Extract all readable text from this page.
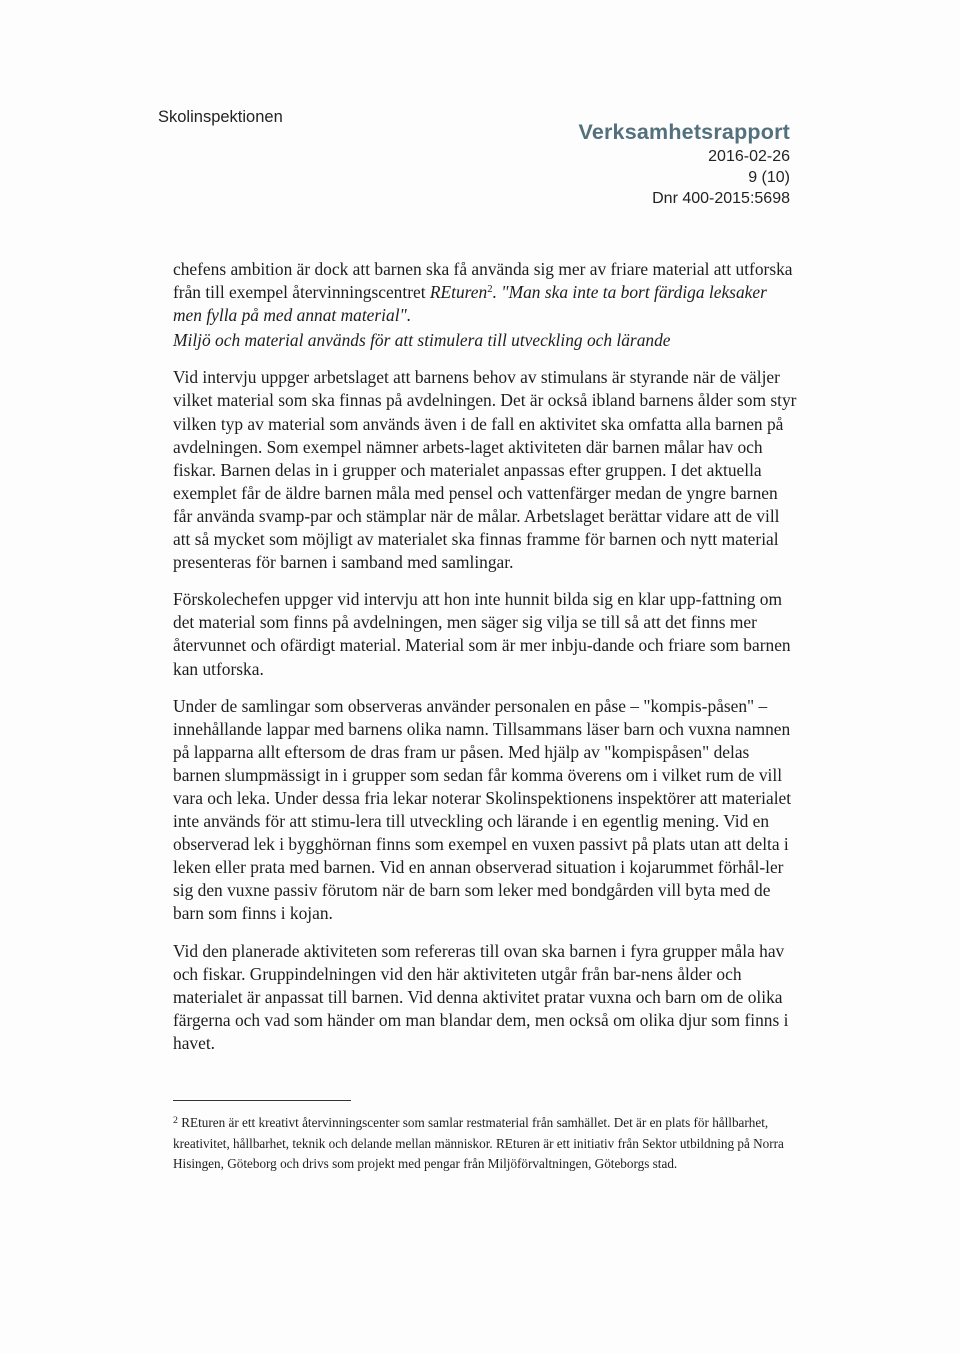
Skolinspektionen
Verksamhetsrapport
2016-02-26
9 (10)
Dnr 400-2015:5698

chefens ambition är dock att barnen ska få använda sig mer av friare material att utforska från till exempel återvinningscentret REturen$^2$. "Man ska inte ta bort färdiga leksaker men fylla på med annat material".

Miljö och material används för att stimulera till utveckling och lärande

Vid intervju uppger arbetslaget att barnens behov av stimulans är styrande när de väljer vilket material som ska finnas på avdelningen. Det är också ibland barnens ålder som styr vilken typ av material som används även i de fall en aktivitet ska omfatta alla barnen på avdelningen. Som exempel nämner arbets-laget aktiviteten där barnen målar hav och fiskar. Barnen delas in i grupper och materialet anpassas efter gruppen. I det aktuella exemplet får de äldre barnen måla med pensel och vattenfärger medan de yngre barnen får använda svamp-par och stämplar när de målar. Arbetslaget berättar vidare att de vill att så mycket som möjligt av materialet ska finnas framme för barnen och nytt material presenteras för barnen i samband med samlingar.

Förskolechefen uppger vid intervju att hon inte hunnit bilda sig en klar upp-fattning om det material som finns på avdelningen, men säger sig vilja se till så att det finns mer återvunnet och ofärdigt material. Material som är mer inbju-dande och friare som barnen kan utforska.

Under de samlingar som observeras använder personalen en påse – "kompis-påsen" – innehållande lappar med barnens olika namn. Tillsammans läser barn och vuxna namnen på lapparna allt eftersom de dras fram ur påsen. Med hjälp av "kompispåsen" delas barnen slumpmässigt in i grupper som sedan får komma överens om i vilket rum de vill vara och leka. Under dessa fria lekar noterar Skolinspektionens inspektörer att materialet inte används för att stimu-lera till utveckling och lärande i en egentlig mening. Vid en observerad lek i bygghörnan finns som exempel en vuxen passivt på plats utan att delta i leken eller prata med barnen. Vid en annan observerad situation i kojarummet förhål-ler sig den vuxne passiv förutom när de barn som leker med bondgården vill byta med de barn som finns i kojan.

Vid den planerade aktiviteten som refereras till ovan ska barnen i fyra grupper måla hav och fiskar. Gruppindelningen vid den här aktiviteten utgår från bar-nens ålder och materialet är anpassat till barnen. Vid denna aktivitet pratar vuxna och barn om de olika färgerna och vad som händer om man blandar dem, men också om olika djur som finns i havet.

$^2$ REturen är ett kreativt återvinningscenter som samlar restmaterial från samhället. Det är en plats för hållbarhet, kreativitet, hållbarhet, teknik och delande mellan människor. REturen är ett initiativ från Sektor utbildning på Norra Hisingen, Göteborg och drivs som projekt med pengar från Miljöförvaltningen, Göteborgs stad.
